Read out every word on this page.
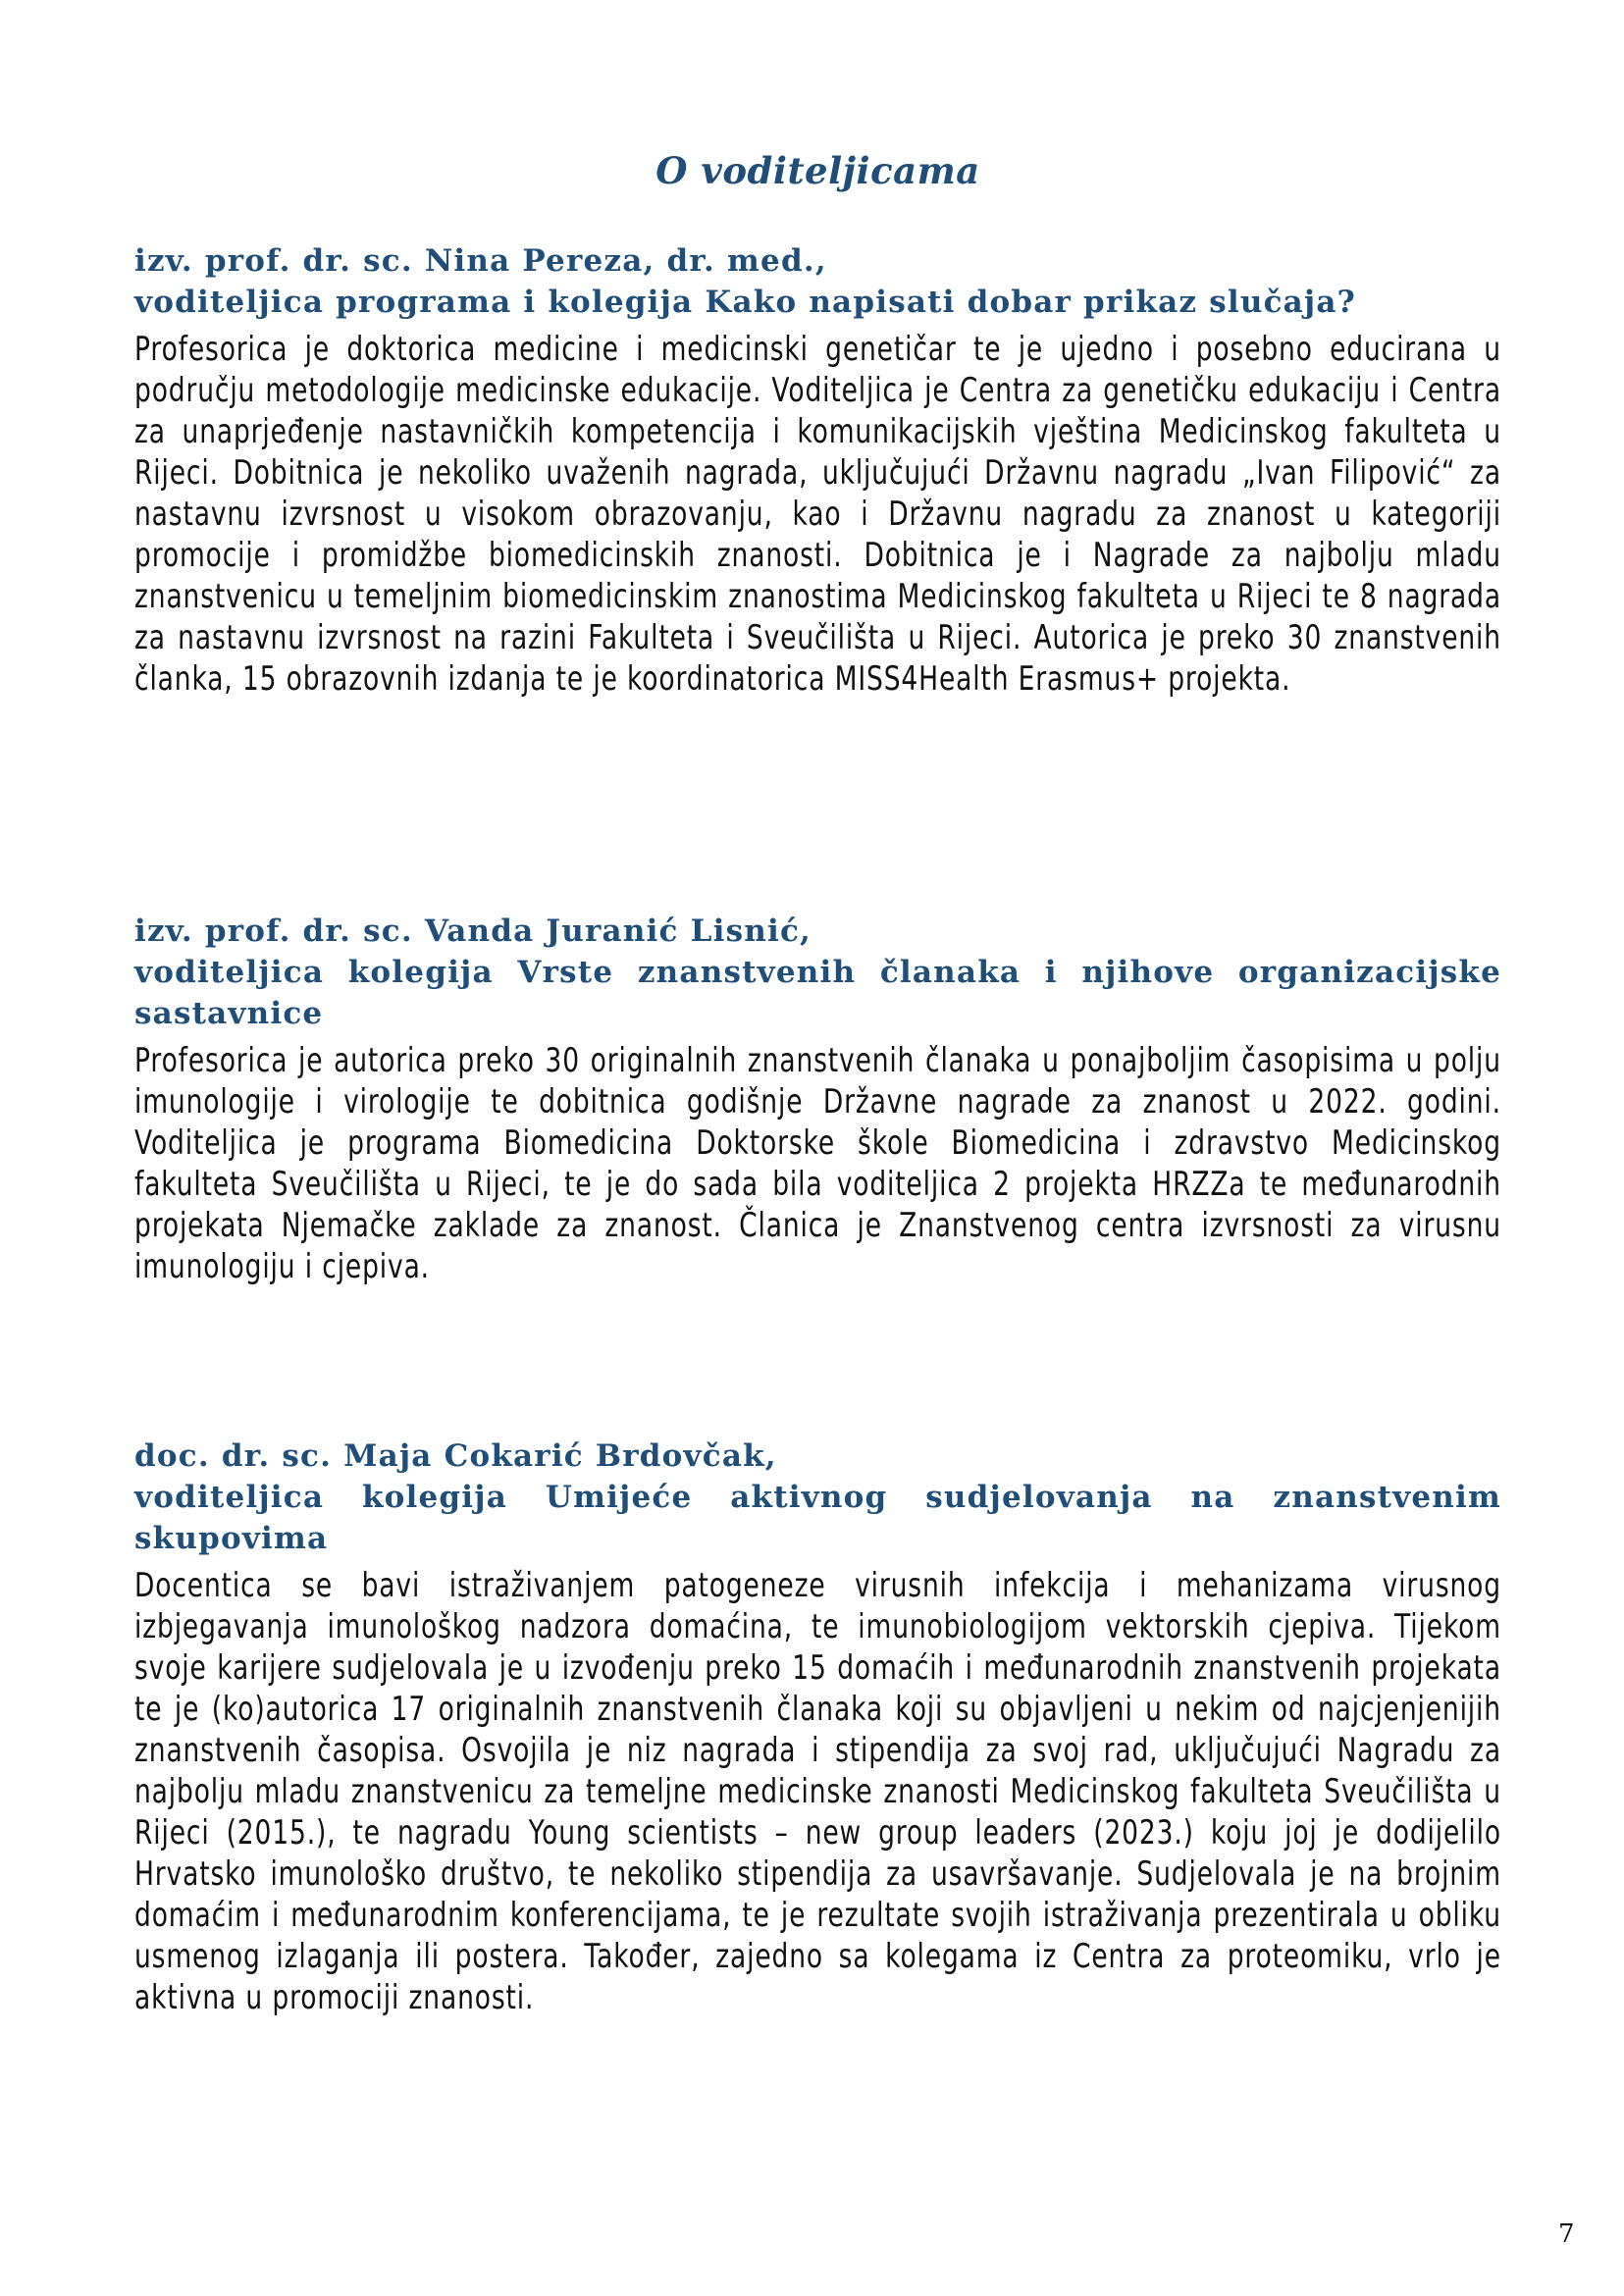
O voditeljicama
izv. prof. dr. sc. Nina Pereza, dr. med.,
voditeljica programa i kolegija Kako napisati dobar prikaz slučaja?
Profesorica je doktorica medicine i medicinski genetičar te je ujedno i posebno educirana u području metodologije medicinske edukacije. Voditeljica je Centra za genetičku edukaciju i Centra za unaprjeđenje nastavničkih kompetencija i komunikacijskih vještina Medicinskog fakulteta u Rijeci. Dobitnica je nekoliko uvaženih nagrada, uključujući Državnu nagradu „Ivan Filipović“ za nastavnu izvrsnost u visokom obrazovanju, kao i Državnu nagradu za znanost u kategoriji promocije i promidžbe biomedicinskih znanosti. Dobitnica je i Nagrade za najbolju mladu znanstvenicu u temeljnim biomedicinskim znanostima Medicinskog fakulteta u Rijeci te 8 nagrada za nastavnu izvrsnost na razini Fakulteta i Sveučilišta u Rijeci. Autorica je preko 30 znanstvenih članka, 15 obrazovnih izdanja te je koordinatorica MISS4Health Erasmus+ projekta.
izv. prof. dr. sc. Vanda Juranić Lisnić,
voditeljica kolegija Vrste znanstvenih članaka i njihove organizacijske
sastavnice
Profesorica je autorica preko 30 originalnih znanstvenih članaka u ponajboljim časopisima u polju imunologije i virologije te dobitnica godišnje Državne nagrade za znanost u 2022. godini. Voditeljica je programa Biomedicina Doktorske škole Biomedicina i zdravstvo Medicinskog fakulteta Sveučilišta u Rijeci, te je do sada bila voditeljica 2 projekta HRZZa te međunarodnih projekata Njemačke zaklade za znanost. Članica je Znanstvenog centra izvrsnosti za virusnu imunologiju i cjepiva.
doc. dr. sc. Maja Cokarić Brdovčak,
voditeljica kolegija Umijeće aktivnog sudjelovanja na znanstvenim
skupovima
Docentica se bavi istraživanjem patogeneze virusnih infekcija i mehanizama virusnog izbjegavanja imunološkog nadzora domaćina, te imunobiologijom vektorskih cjepiva. Tijekom svoje karijere sudjelovala je u izvođenju preko 15 domaćih i međunarodnih znanstvenih projekata te je (ko)autorica 17 originalnih znanstvenih članaka koji su objavljeni u nekim od najcjenjenijih znanstvenih časopisa. Osvojila je niz nagrada i stipendija za svoj rad, uključujući Nagradu za najbolju mladu znanstvenicu za temeljne medicinske znanosti Medicinskog fakulteta Sveučilišta u Rijeci (2015.), te nagradu Young scientists – new group leaders (2023.) koju joj je dodijelilo Hrvatsko imunološko društvo, te nekoliko stipendija za usavršavanje. Sudjelovala je na brojnim domaćim i međunarodnim konferencijama, te je rezultate svojih istraživanja prezentirala u obliku usmenog izlaganja ili postera. Također, zajedno sa kolegama iz Centra za proteomiku, vrlo je aktivna u promociji znanosti.
7
